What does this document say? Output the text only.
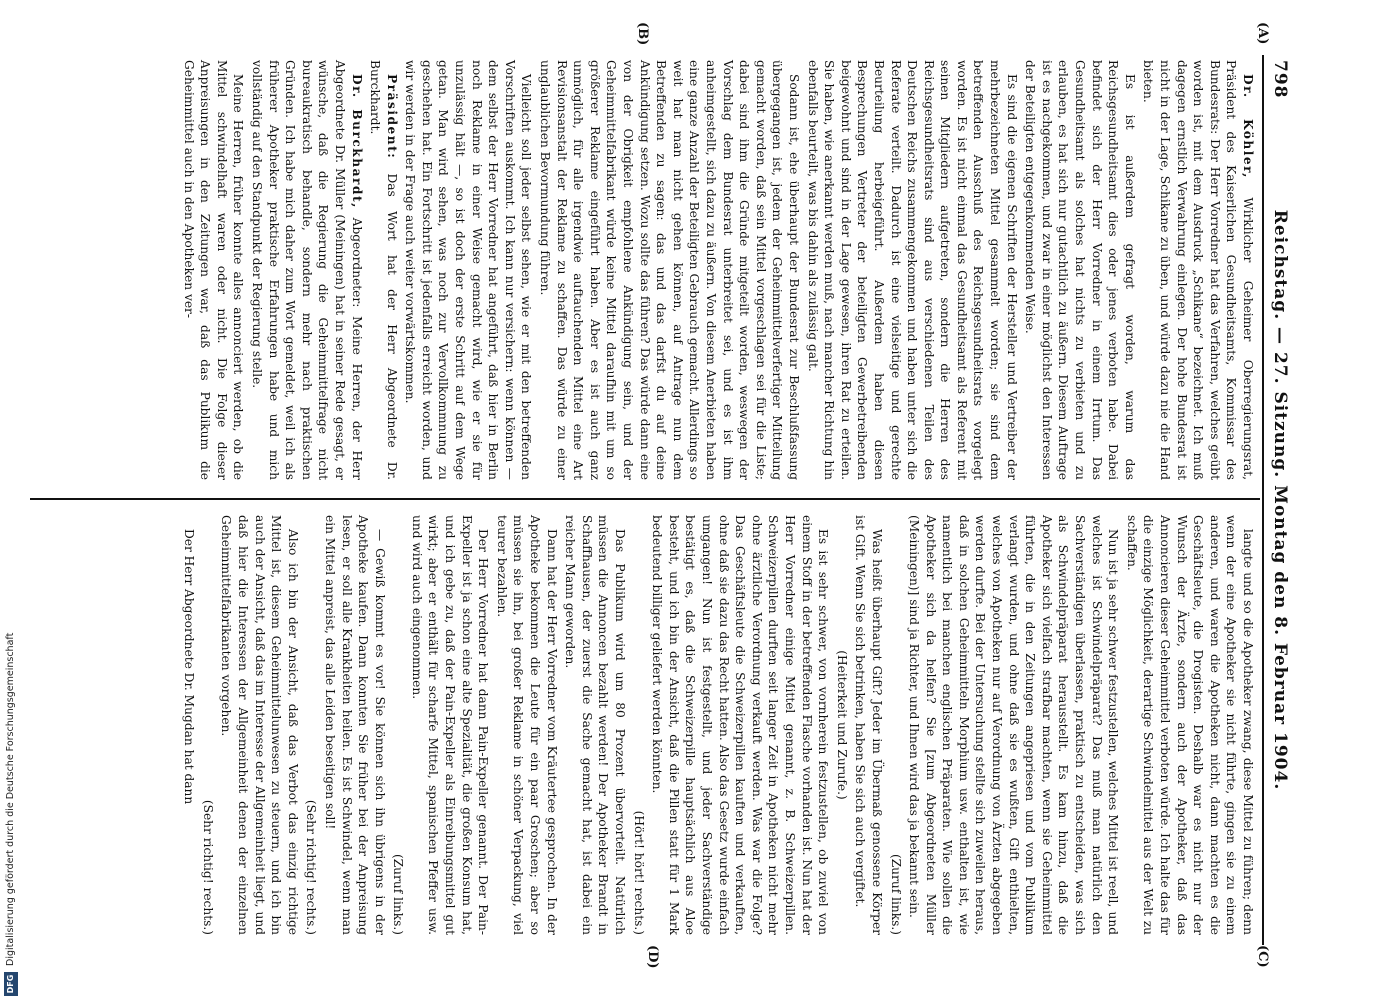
798
Reichstag. — 27. Sitzung. Montag den 8. Februar 1904.
(A)
(B)
(C)
(D)

Dr. Köhler, Wirklicher Geheimer Oberregierungsrat, Präsident des Kaiserlichen Gesundheitsamts, Kommissar des Bundesrats: Der Herr Vorredner hat das Verfahren, welches geübt worden ist, mit dem Ausdruck „Schikane“ bezeichnet. Ich muß dagegen ernstlich Verwahrung einlegen. Der hohe Bundesrat ist nicht in der Lage, Schikane zu üben, und würde dazu nie die Hand bieten.

Es ist außerdem gefragt worden, warum das Reichsgesundheitsamt dies oder jenes verboten habe. Dabei befindet sich der Herr Vorredner in einem Irrtum. Das Gesundheitsamt als solches hat nichts zu verbieten und zu erlauben, es hat sich nur gutachtlich zu äußern. Diesem Auftrage ist es nachgekommen, und zwar in einer möglichst den Interessen der Beteiligten entgegenkommenden Weise.

Es sind die eigenen Schriften der Hersteller und Vertreiber der mehrbezeichneten Mittel gesammelt worden; sie sind dem betreffenden Ausschuß des Reichsgesundheitsrats vorgelegt worden. Es ist nicht einmal das Gesundheitsamt als Referent mit seinen Mitgliedern aufgetreten, sondern die Herren des Reichsgesundheitsrats sind aus verschiedenen Teilen des Deutschen Reichs zusammengekommen und haben unter sich die Referate verteilt. Dadurch ist eine vielseitige und gerechte Beurteilung herbeigeführt. Außerdem haben diesen Besprechungen Vertreter der beteiligten Gewerbetreibenden beigewohnt und sind in der Lage gewesen, ihren Rat zu erteilen. Sie haben, wie anerkannt werden muß, nach mancher Richtung hin ebenfalls beurteilt, was bis dahin als zulässig galt.

Sodann ist, ehe überhaupt der Bundesrat zur Beschlußfassung übergegangen ist, jedem der Geheimmittelverfertiger Mitteilung gemacht worden, daß sein Mittel vorgeschlagen sei für die Liste; dabei sind ihm die Gründe mitgeteilt worden, weswegen der Vorschlag dem Bundesrat unterbreitet sei, und es ist ihm anheimgestellt, sich dazu zu äußern. Von diesem Anerbieten haben eine ganze Anzahl der Beteiligten Gebrauch gemacht. Allerdings so weit hat man nicht gehen können, auf Antrage nun dem Betreffenden zu sagen: das und das darfst du auf deine Ankündigung setzen. Wozu sollte das führen? Das würde dann eine von der Obrigkeit empfohlene Ankündigung sein, und der Geheimmittelfabrikant würde keine Mittel daraufhin mit um so größerer Reklame eingeführt haben. Aber es ist auch ganz unmöglich, für alle irgendwie auftauchenden Mittel eine Art Revisionsanstalt der Reklame zu schaffen. Das würde zu einer unglaublichen Bevormundung führen.

Vielleicht soll jeder selbst sehen, wie er mit den betreffenden Vorschriften auskommt. Ich kann nur versichern: wenn können — dem selbst der Herr Vorredner hat angeführt, daß hier in Berlin noch Reklame in einer Weise gemacht wird, wie er sie für unzulässig hält —, so ist doch der erste Schritt auf dem Wege getan. Man wird sehen, was noch zur Vervollkommnung zu geschehen hat. Ein Fortschritt ist jedenfalls erreicht worden, und wir werden in der Frage auch weiter vorwärtskommen.

Präsident: Das Wort hat der Herr Abgeordnete Dr. Burckhardt.

Dr. Burckhardt, Abgeordneter: Meine Herren, der Herr Abgeordnete Dr. Müller (Meiningen) hat in seiner Rede gesagt, er wünsche, daß die Regierung die Geheimmittelfrage nicht bureaukratisch behandle, sondern mehr nach praktischen Gründen. Ich habe mich daher zum Wort gemeldet, weil ich als früherer Apotheker praktische Erfahrungen habe und mich vollständig auf den Standpunkt der Regierung stelle.

Meine Herren, früher konnte alles annonciert werden, ob die Mittel schwindelhaft waren oder nicht. Die Folge dieser Anpreisungen in den Zeitungen war, daß das Publikum die Geheimmittel auch in den Apotheken ver-

langte und so die Apotheker zwang, diese Mittel zu führen; denn wenn der eine Apotheker sie nicht führte, gingen sie zu einem anderen, und waren die Apotheken nicht, dann machten es die Geschäftsleute, die Drogisten. Deshalb war es nicht nur der Wunsch der Ärzte, sondern auch der Apotheker, daß das Annoncieren dieser Geheimmittel verboten würde. Ich halte das für die einzige Möglichkeit, derartige Schwindelmittel aus der Welt zu schaffen.

Nun ist ja sehr schwer festzustellen, welches Mittel ist reell, und welches ist Schwindelpräparat? Das muß man natürlich den Sachverständigen überlassen, praktisch zu entscheiden, was sich als Schwindelpräparat herausstellt. Es kam hinzu, daß die Apotheker sich vielfach strafbar machten, wenn sie Geheimmittel führten, die in den Zeitungen angepriesen und vom Publikum verlangt wurden, und ohne daß sie es wußten, Gift enthielten, welches von Apotheken nur auf Verordnung von Ärzten abgegeben werden durfte. Bei der Untersuchung stellte sich zuweilen heraus, daß in solchen Geheimmitteln Morphium usw. enthalten ist, wie namentlich bei manchen englischen Präparaten. Wie sollen die Apotheker sich da helfen? Sie [zum Abgeordneten Müller (Meiningen)] sind ja Richter, und Ihnen wird das ja bekannt sein.

(Zuruf links.)

Was heißt überhaupt Gift? Jeder im Übermaß genossene Körper ist Gift. Wenn Sie sich betrinken, haben Sie sich auch vergiftet.

(Heiterkeit und Zurufe.)

Es ist sehr schwer, von vornherein festzustellen, ob zuviel von einem Stoff in der betreffenden Flasche vorhanden ist. Nun hat der Herr Vorredner einige Mittel genannt, z. B. Schweizerpillen. Schweizerpillen durften seit langer Zeit in Apotheken nicht mehr ohne ärztliche Verordnung verkauft werden. Was war die Folge? Das Geschäftsleute die Schweizerpillen kauften und verkauften, ohne daß sie dazu das Recht hatten. Also das Gesetz wurde einfach umgangen! Nun ist festgestellt, und jeder Sachverständige bestätigt es, daß die Schweizerpille hauptsächlich aus Aloe besteht, und ich bin der Ansicht, daß die Pillen statt für 1 Mark bedeutend billiger geliefert werden könnten.

(Hört! hört! rechts.)

Das Publikum wird um 80 Prozent übervorteilt. Natürlich müssen die Annoncen bezahlt werden! Der Apotheker Brandt in Schaffhausen, der zuerst die Sache gemacht hat, ist dabei ein reicher Mann geworden.

Dann hat der Herr Vorredner vom Kräutertee gesprochen. In der Apotheke bekommen die Leute für ein paar Groschen; aber so müssen sie ihn, bei großer Reklame in schöner Verpackung, viel teurer bezahlen.

Der Herr Vorredner hat dann Pain-Expeller genannt. Der Pain-Expeller ist ja schon eine alte Spezialität, die großen Konsum hat, und ich gebe zu, daß der Pain-Expeller als Einreibungsmittel gut wirkt; aber er enthält für scharfe Mittel, spanischen Pfeffer usw. und wird auch eingenommen.

(Zuruf links.)

— Gewiß kommt es vor! Sie können sich ihn übrigens in der Apotheke kaufen. Dann konnten Sie früher bei der Anpreisung lesen, er soll alle Krankheiten heilen. Es ist Schwindel, wenn man ein Mittel anpreist, das alle Leiden beseitigen soll!

(Sehr richtig! rechts.)

Also ich bin der Ansicht, daß das Verbot das einzig richtige Mittel ist, diesem Geheimmittelunwesen zu steuern, und ich bin auch der Ansicht, daß das im Interesse der Allgemeinheit liegt, und daß hier die Interessen der Allgemeinheit denen der einzelnen Geheimmittelfabrikanten vorgehen.

(Sehr richtig! rechts.)

Der Herr Abgeordnete Dr. Mugdan hat dann

DFG
Digitalisierung gefördert durch die Deutsche Forschungsgemeinschaft
